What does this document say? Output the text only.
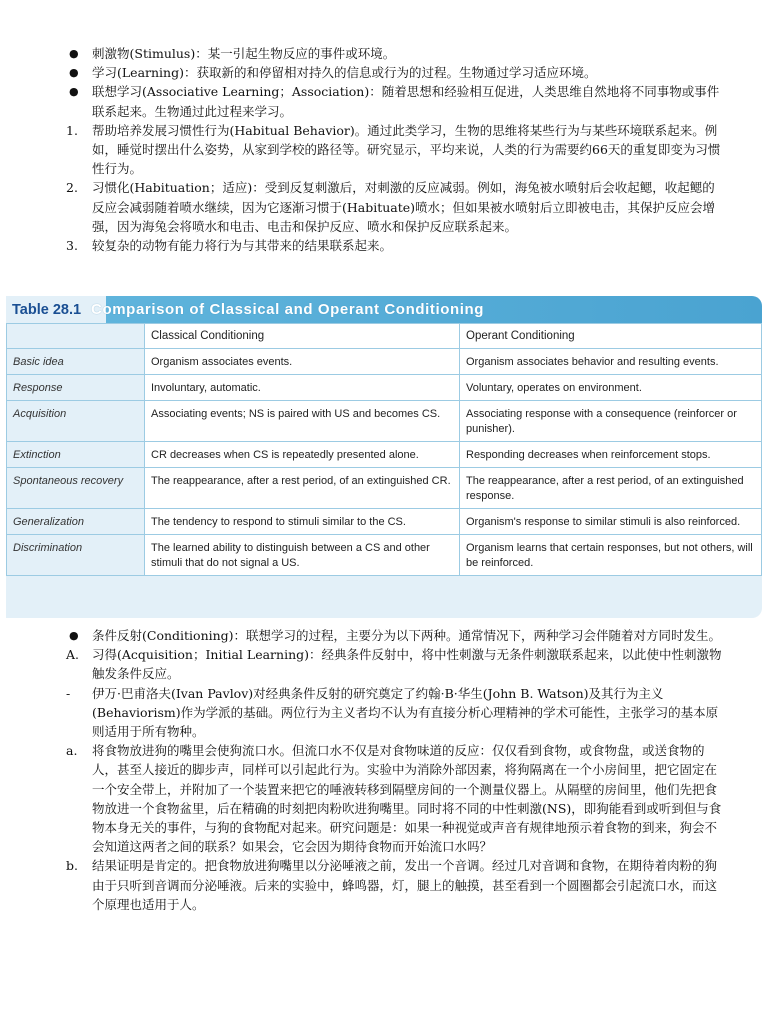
●	刺激物(Stimulus)：某一引起生物反应的事件或环境。
●	学习(Learning)：获取新的和停留相对持久的信息或行为的过程。生物通过学习适应环境。
●	联想学习(Associative Learning；Association)：随着思想和经验相互促进，人类思维自然地将不同事物或事件联系起来。生物通过此过程来学习。
1.	帮助培养发展习惯性行为(Habitual Behavior)。通过此类学习，生物的思维将某些行为与某些环境联系起来。例如，睡觉时摆出什么姿势，从家到学校的路径等。研究显示，平均来说，人类的行为需要约66天的重复即变为习惯性行为。
2.	习惯化(Habituation；适应)：受到反复刺激后，对刺激的反应减弱。例如，海兔被水喷射后会收起鳃，收起鳃的反应会减弱随着喷水继续，因为它逐渐习惯于(Habituate)喷水；但如果被水喷射后立即被电击，其保护反应会增强，因为海兔会将喷水和电击、电击和保护反应、喷水和保护反应联系起来。
3.	较复杂的动物有能力将行为与其带来的结果联系起来。
Table 28.1 Comparison of Classical and Operant Conditioning
	Classical Conditioning	Operant Conditioning
Basic idea	Organism associates events.	Organism associates behavior and resulting events.
Response	Involuntary, automatic.	Voluntary, operates on environment.
Acquisition	Associating events; NS is paired with US and becomes CS.	Associating response with a consequence (reinforcer or punisher).
Extinction	CR decreases when CS is repeatedly presented alone.	Responding decreases when reinforcement stops.
Spontaneous recovery	The reappearance, after a rest period, of an extinguished CR.	The reappearance, after a rest period, of an extinguished response.
Generalization	The tendency to respond to stimuli similar to the CS.	Organism's response to similar stimuli is also reinforced.
Discrimination	The learned ability to distinguish between a CS and other stimuli that do not signal a US.	Organism learns that certain responses, but not others, will be reinforced.
●	条件反射(Conditioning)：联想学习的过程，主要分为以下两种。通常情况下，两种学习会伴随着对方同时发生。
A.	习得(Acquisition；Initial Learning)：经典条件反射中，将中性刺激与无条件刺激联系起来，以此使中性刺激物触发条件反应。
-	伊万·巴甫洛夫(Ivan Pavlov)对经典条件反射的研究奠定了约翰·B·华生(John B. Watson)及其行为主义(Behaviorism)作为学派的基础。两位行为主义者均不认为有直接分析心理精神的学术可能性，主张学习的基本原则适用于所有物种。
a.	将食物放进狗的嘴里会使狗流口水。但流口水不仅是对食物味道的反应：仅仅看到食物，或食物盘，或送食物的人，甚至人接近的脚步声，同样可以引起此行为。实验中为消除外部因素，将狗隔离在一个小房间里，把它固定在一个安全带上，并附加了一个装置来把它的唾液转移到隔壁房间的一个测量仪器上。从隔壁的房间里，他们先把食物放进一个食物盆里，后在精确的时刻把肉粉吹进狗嘴里。同时将不同的中性刺激(NS)，即狗能看到或听到但与食物本身无关的事件，与狗的食物配对起来。研究问题是：如果一种视觉或声音有规律地预示着食物的到来，狗会不会知道这两者之间的联系？如果会，它会因为期待食物而开始流口水吗？
b.	结果证明是肯定的。把食物放进狗嘴里以分泌唾液之前，发出一个音调。经过几对音调和食物，在期待着肉粉的狗由于只听到音调而分泌唾液。后来的实验中，蜂鸣器，灯，腿上的触摸，甚至看到一个圆圈都会引起流口水，而这个原理也适用于人。
